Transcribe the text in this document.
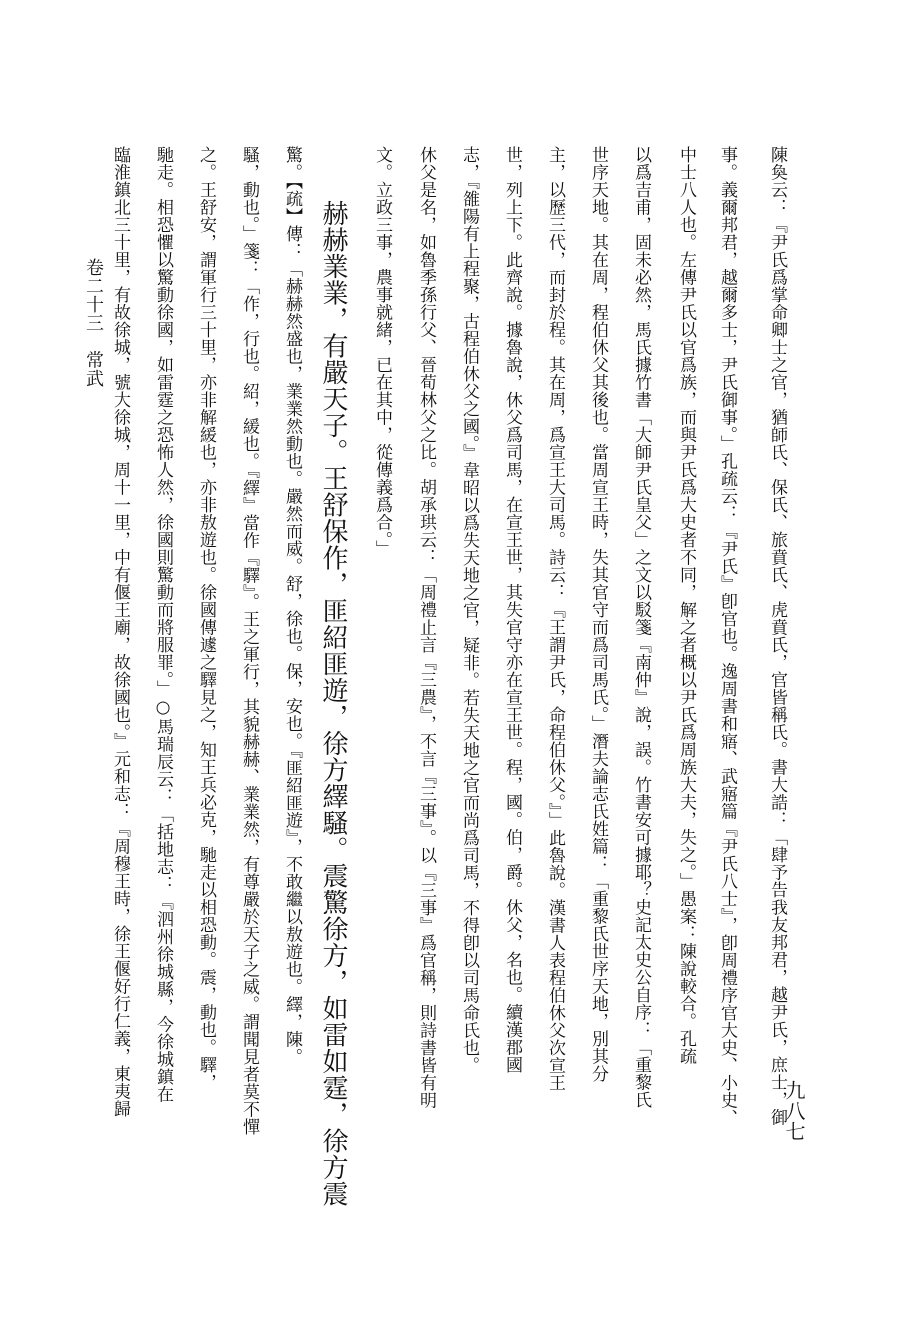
陳奐云：『尹氏爲掌命卿士之官，猶師氏、保氏、旅賁氏、虎賁氏，官皆稱氏。書大誥：「肆予告我友邦君，越尹氏，庶士，御
事。義爾邦君，越爾多士，尹氏御事。」孔疏云：『尹氏』卽官也。逸周書和寤、武寤篇『尹氏八士』，卽周禮序官大史、小史、
中士八人也。左傳尹氏以官爲族，而與尹氏爲大史者不同，解之者概以尹氏爲周族大夫，失之。」愚案：陳說較合。孔疏
以爲吉甫，固未必然，馬氏據竹書「大師尹氏皇父」之文以駁箋『南仲』說，誤。竹書安可據耶？史記太史公自序：「重黎氏
世序天地。其在周，程伯休父其後也。當周宣王時，失其官守而爲司馬氏。」潛夫論志氏姓篇：「重黎氏世序天地，別其分
主，以歷三代，而封於程。其在周，爲宣王大司馬。詩云：『王謂尹氏，命程伯休父。』」此魯說。漢書人表程伯休父次宣王
世，列上下。此齊說。據魯說，休父爲司馬，在宣王世，其失官守亦在宣王世。程，國。伯，爵。休父，名也。續漢郡國
志，『雒陽有上程聚，古程伯休父之國。』韋昭以爲失天地之官，疑非。若失天地之官而尚爲司馬，不得卽以司馬命氏也。
休父是名，如魯季孫行父、晉荀林父之比。胡承珙云：「周禮止言『三農』，不言『三事』。以『三事』爲官稱，則詩書皆有明
文。立政三事，農事就緒，已在其中，從傳義爲合。」
赫赫業業，有嚴天子。王舒保作，匪紹匪遊，徐方繹騷。震驚徐方，如雷如霆，徐方震
驚。【疏】傳：「赫赫然盛也，業業然動也。嚴然而威。舒，徐也。保，安也。『匪紹匪遊』，不敢繼以敖遊也。繹，陳。
騷，動也。」箋：「作，行也。紹，緩也。『繹』當作『驛』。王之軍行，其貌赫赫、業業然，有尊嚴於天子之威。謂聞見者莫不憚
之。王舒安，謂軍行三十里，亦非解緩也，亦非敖遊也。徐國傳遽之驛見之，知王兵必克，馳走以相恐動。震，動也。驛，
馳走。相恐懼以驚動徐國，如雷霆之恐怖人然，徐國則驚動而將服罪。」○馬瑞辰云：「括地志：『泗州徐城縣，今徐城鎮在
臨淮鎮北三十里，有故徐城，號大徐城，周十一里，中有偃王廟，故徐國也。』元和志：『周穆王時，徐王偃好行仁義，東夷歸
卷二十三　常武
九八七
